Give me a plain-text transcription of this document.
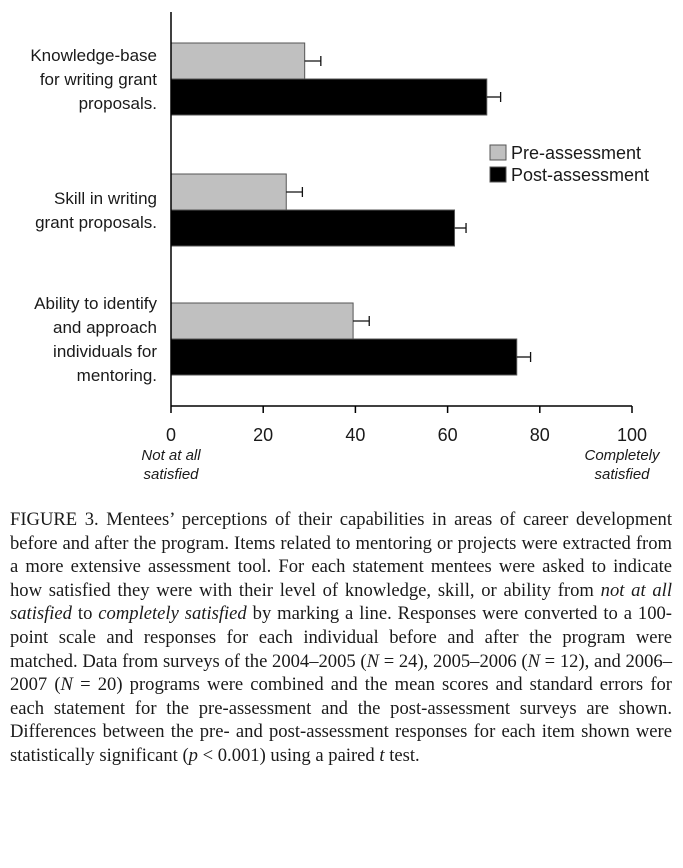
Knowledge-base
for writing grant
proposals.
Skill in writing
grant proposals.
Ability to identify
and approach
individuals for
mentoring.
0	20	40	60	80	100
Not at all
satisfied
Completely
satisfied
Pre-assessment
Post-assessment

FIGURE 3. Mentees’ perceptions of their capabilities in areas of career development before and after the program. Items related to mentoring or projects were extracted from a more extensive assessment tool. For each statement mentees were asked to indicate how satisfied they were with their level of knowledge, skill, or ability from not at all satisfied to completely satisfied by marking a line. Responses were converted to a 100-point scale and responses for each individual before and after the program were matched. Data from surveys of the 2004–2005 (N = 24), 2005–2006 (N = 12), and 2006–2007 (N = 20) programs were combined and the mean scores and standard errors for each statement for the pre-assessment and the post-assessment surveys are shown. Differences between the pre- and post-assessment responses for each item shown were statistically significant (p < 0.001) using a paired t test.
